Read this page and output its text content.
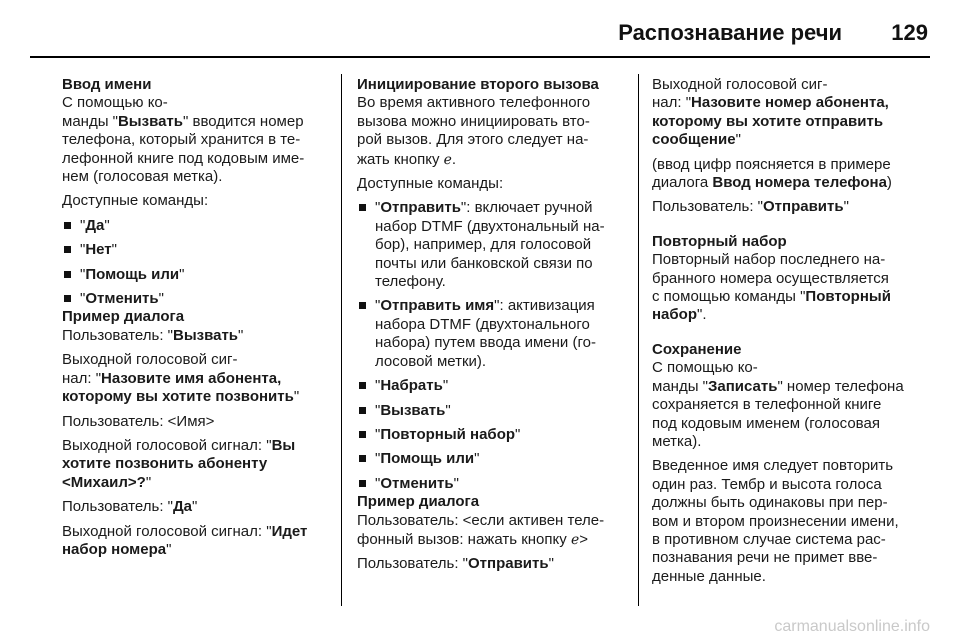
Распознавание речи 129
Ввод имени
С помощью ко-
манды "Вызвать" вводится номер
телефона, который хранится в те-
лефонной книге под кодовым име-
нем (голосовая метка).
Доступные команды:
"Да"
"Нет"
"Помощь или"
"Отменить"
Пример диалога
Пользователь: "Вызвать"
Выходной голосовой сиг-
нал: "Назовите имя абонента, которому вы хотите позвонить"
Пользователь: <Имя>
Выходной голосовой сигнал: "Вы хотите позвонить абоненту <Михаил>?"
Пользователь: "Да"
Выходной голосовой сигнал: "Идет набор номера"
Инициирование второго вызова
Во время активного телефонного
вызова можно инициировать вто-
рой вызов. Для этого следует на-
жать кнопку ℯ.
Доступные команды:
"Отправить": включает ручной
набор DTMF (двухтональный на-
бор), например, для голосовой
почты или банковской связи по
телефону.
"Отправить имя": активизация
набора DTMF (двухтонального
набора) путем ввода имени (го-
лосовой метки).
"Набрать"
"Вызвать"
"Повторный набор"
"Помощь или"
"Отменить"
Пример диалога
Пользователь: <если активен теле-
фонный вызов: нажать кнопку ℯ>
Пользователь: "Отправить"
Выходной голосовой сиг-
нал: "Назовите номер абонента, которому вы хотите отправить сообщение"
(ввод цифр поясняется в примере
диалога Ввод номера телефона)
Пользователь: "Отправить"
Повторный набор
Повторный набор последнего на-
бранного номера осуществляется
с помощью команды "Повторный набор".
Сохранение
С помощью ко-
манды "Записать" номер телефона
сохраняется в телефонной книге
под кодовым именем (голосовая
метка).
Введенное имя следует повторить
один раз. Тембр и высота голоса
должны быть одинаковы при пер-
вом и втором произнесении имени,
в противном случае система рас-
познавания речи не примет вве-
денные данные.
carmanualsonline.info
